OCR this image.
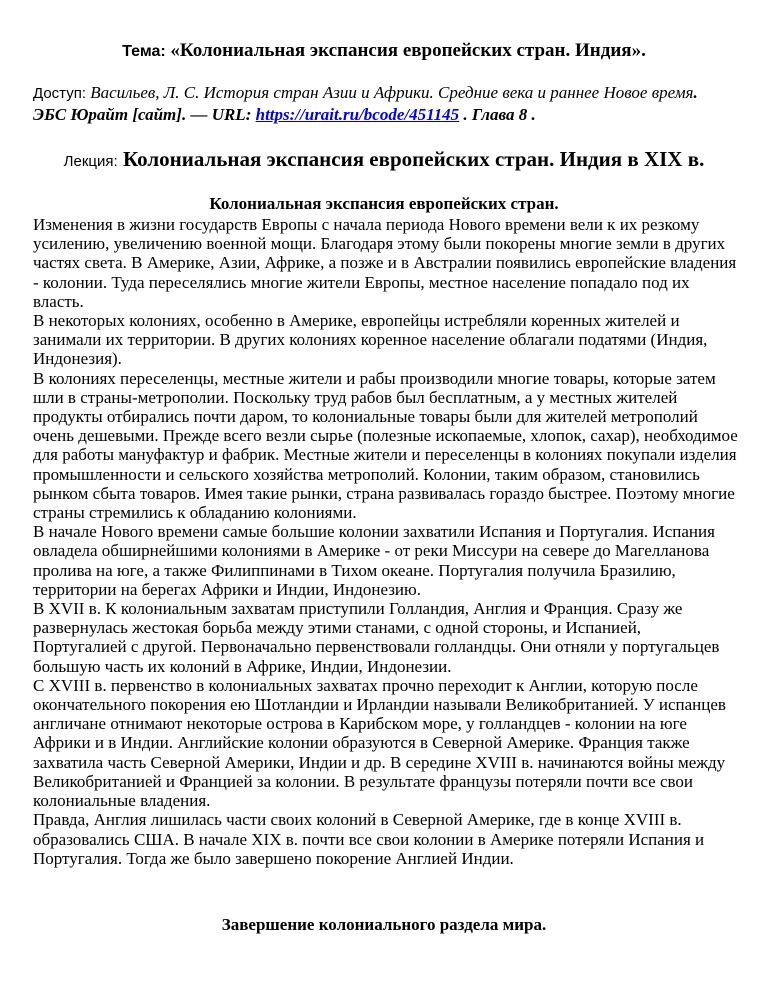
Тема: «Колониальная экспансия европейских стран. Индия».
Доступ: Васильев, Л. С. История стран Азии и Африки. Средние века и раннее Новое время. ЭБС Юрайт [сайт]. — URL: https://urait.ru/bcode/451145 . Глава 8 .
Лекция: Колониальная экспансия европейских стран. Индия в XIX в.
Колониальная экспансия европейских стран.

Изменения в жизни государств Европы с начала периода Нового времени вели к их резкому усилению, увеличению военной мощи. Благодаря этому были покорены многие земли в других частях света. В Америке, Азии, Африке, а позже и в Австралии появились европейские владения - колонии. Туда переселялись многие жители Европы, местное население попадало под их власть.

В некоторых колониях, особенно в Америке, европейцы истребляли коренных жителей и занимали их территории. В других колониях коренное население облагали податями (Индия, Индонезия).

В колониях переселенцы, местные жители и рабы производили многие товары, которые затем шли в страны-метрополии. Поскольку труд рабов был бесплатным, а у местных жителей продукты отбирались почти даром, то колониальные товары были для жителей метрополий очень дешевыми. Прежде всего везли сырье (полезные ископаемые, хлопок, сахар), необходимое для работы мануфактур и фабрик. Местные жители и переселенцы в колониях покупали изделия промышленности и сельского хозяйства метрополий. Колонии, таким образом, становились рынком сбыта товаров. Имея такие рынки, страна развивалась гораздо быстрее. Поэтому многие страны стремились к обладанию колониями.

В начале Нового времени самые большие колонии захватили Испания и Португалия. Испания овладела обширнейшими колониями в Америке - от реки Миссури на севере до Магелланова пролива на юге, а также Филиппинами в Тихом океане. Португалия получила Бразилию, территории на берегах Африки и Индии, Индонезию.

В XVII в. К колониальным захватам приступили Голландия, Англия и Франция. Сразу же развернулась жестокая борьба между этими станами, с одной стороны, и Испанией, Португалией с другой. Первоначально первенствовали голландцы. Они отняли у португальцев большую часть их колоний в Африке, Индии, Индонезии.

С XVIII в. первенство в колониальных захватах прочно переходит к Англии, которую после окончательного покорения ею Шотландии и Ирландии называли Великобританией. У испанцев англичане отнимают некоторые острова в Карибском море, у голландцев - колонии на юге Африки и в Индии. Английские колонии образуются в Северной Америке. Франция также захватила часть Северной Америки, Индии и др. В середине XVIII в. начинаются войны между Великобританией и Францией за колонии. В результате французы потеряли почти все свои колониальные владения.

Правда, Англия лишилась части своих колоний в Северной Америке, где в конце XVIII в. образовались США. В начале XIX в. почти все свои колонии в Америке потеряли Испания и Португалия. Тогда же было завершено покорение Англией Индии.

Завершение колониального раздела мира.
